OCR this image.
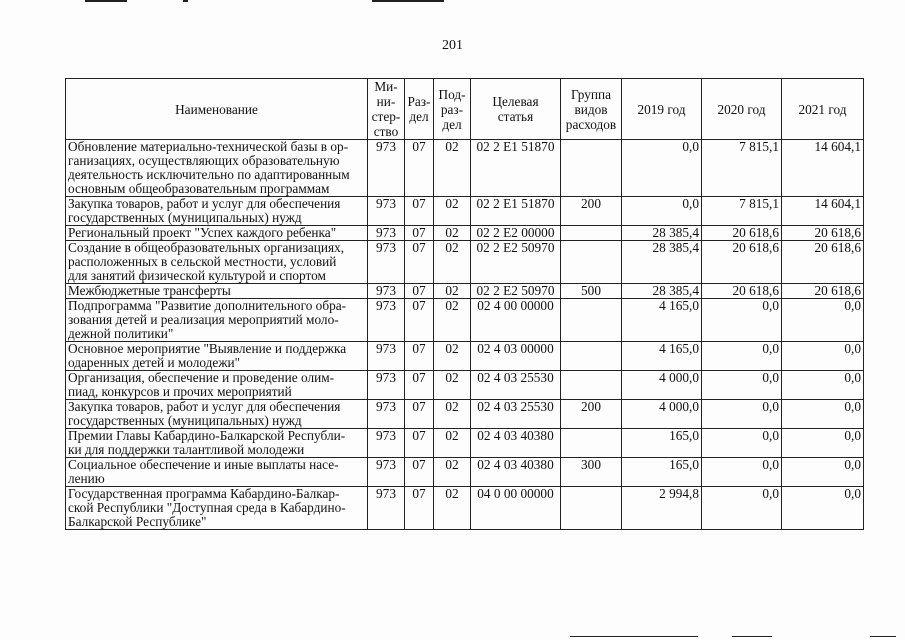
201
Наименование	Ми-
ни-
стер-
ство	Раз-
дел	Под-
раз-
дел	Целевая
статья	Группа
видов
расходов	2019 год	2020 год	2021 год
Обновление материально-технической базы в ор-
ганизациях, осуществляющих образовательную
деятельность исключительно по адаптированным
основным общеобразовательным программам	973	07	02	02 2 E1 51870		0,0	7 815,1	14 604,1
Закупка товаров, работ и услуг для обеспечения
государственных (муниципальных) нужд	973	07	02	02 2 E1 51870	200	0,0	7 815,1	14 604,1
Региональный проект "Успех каждого ребенка"	973	07	02	02 2 E2 00000		28 385,4	20 618,6	20 618,6
Создание в общеобразовательных организациях,
расположенных в сельской местности, условий
для занятий физической культурой и спортом	973	07	02	02 2 E2 50970		28 385,4	20 618,6	20 618,6
Межбюджетные трансферты	973	07	02	02 2 E2 50970	500	28 385,4	20 618,6	20 618,6
Подпрограмма "Развитие дополнительного обра-
зования детей и реализация мероприятий моло-
дежной политики"	973	07	02	02 4 00 00000		4 165,0	0,0	0,0
Основное мероприятие "Выявление и поддержка
одаренных детей и молодежи"	973	07	02	02 4 03 00000		4 165,0	0,0	0,0
Организация, обеспечение и проведение олим-
пиад, конкурсов и прочих мероприятий	973	07	02	02 4 03 25530		4 000,0	0,0	0,0
Закупка товаров, работ и услуг для обеспечения
государственных (муниципальных) нужд	973	07	02	02 4 03 25530	200	4 000,0	0,0	0,0
Премии Главы Кабардино-Балкарской Республи-
ки для поддержки талантливой молодежи	973	07	02	02 4 03 40380		165,0	0,0	0,0
Социальное обеспечение и иные выплаты насе-
лению	973	07	02	02 4 03 40380	300	165,0	0,0	0,0
Государственная программа Кабардино-Балкар-
ской Республики "Доступная среда в Кабардино-
Балкарской Республике"	973	07	02	04 0 00 00000		2 994,8	0,0	0,0
